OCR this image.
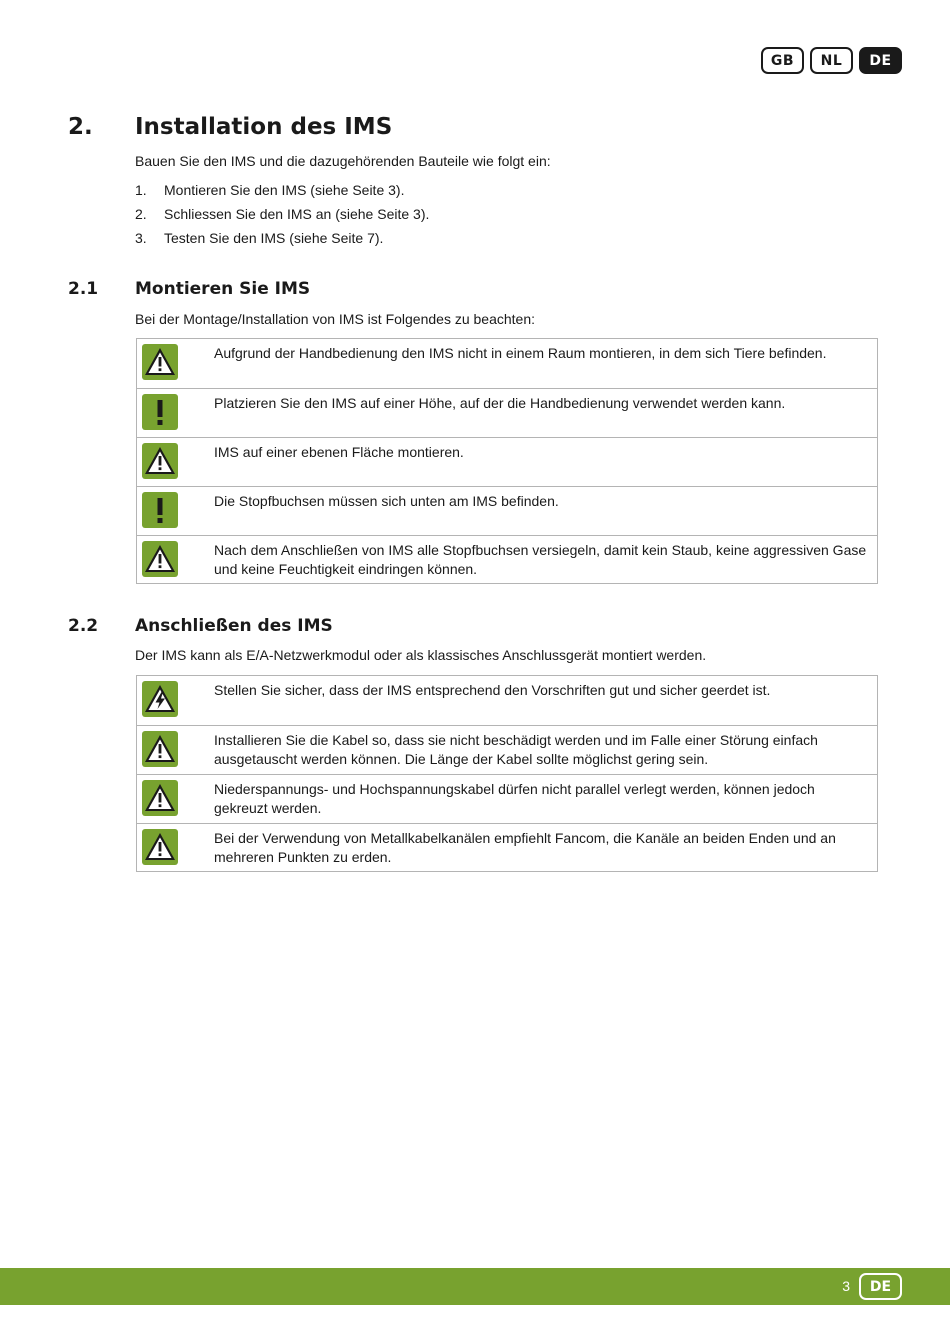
GB	NL	DE
2. Installation des IMS
Bauen Sie den IMS und die dazugehörenden Bauteile wie folgt ein:
1. Montieren Sie den IMS (siehe Seite 3).
2. Schliessen Sie den IMS an (siehe Seite 3).
3. Testen Sie den IMS (siehe Seite 7).
2.1 Montieren Sie IMS
Bei der Montage/Installation von IMS ist Folgendes zu beachten:
Aufgrund der Handbedienung den IMS nicht in einem Raum montieren, in dem sich Tiere befinden.
Platzieren Sie den IMS auf einer Höhe, auf der die Handbedienung verwendet werden kann.
IMS auf einer ebenen Fläche montieren.
Die Stopfbuchsen müssen sich unten am IMS befinden.
Nach dem Anschließen von IMS alle Stopfbuchsen versiegeln, damit kein Staub, keine aggressiven Gase und keine Feuchtigkeit eindringen können.
2.2 Anschließen des IMS
Der IMS kann als E/A-Netzwerkmodul oder als klassisches Anschlussgerät montiert werden.
Stellen Sie sicher, dass der IMS entsprechend den Vorschriften gut und sicher geerdet ist.
Installieren Sie die Kabel so, dass sie nicht beschädigt werden und im Falle einer Störung einfach ausgetauscht werden können. Die Länge der Kabel sollte möglichst gering sein.
Niederspannungs- und Hochspannungskabel dürfen nicht parallel verlegt werden, können jedoch gekreuzt werden.
Bei der Verwendung von Metallkabelkanälen empfiehlt Fancom, die Kanäle an beiden Enden und an mehreren Punkten zu erden.
3	DE
